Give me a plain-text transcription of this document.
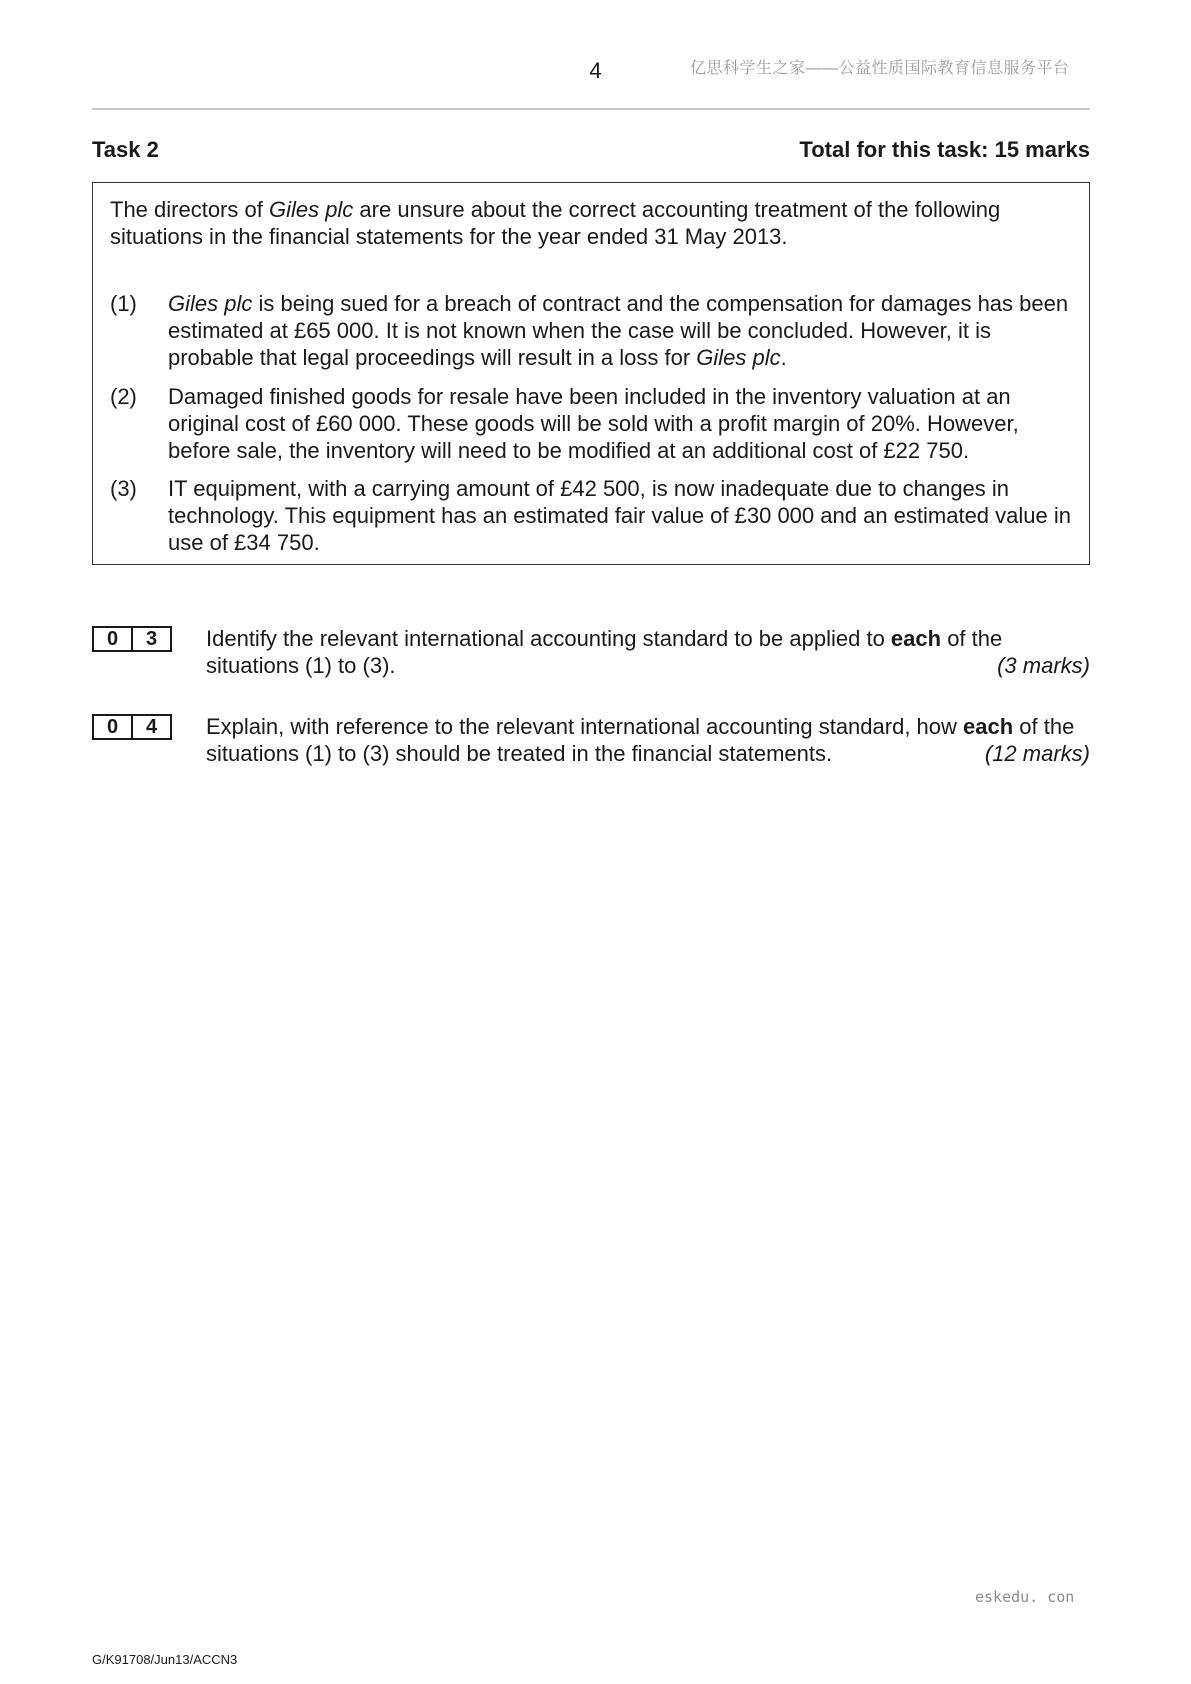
4	亿思科学生之家——公益性质国际教育信息服务平台
Task 2	Total for this task: 15 marks
The directors of Giles plc are unsure about the correct accounting treatment of the following situations in the financial statements for the year ended 31 May 2013.
(1) Giles plc is being sued for a breach of contract and the compensation for damages has been estimated at £65 000. It is not known when the case will be concluded. However, it is probable that legal proceedings will result in a loss for Giles plc.
(2) Damaged finished goods for resale have been included in the inventory valuation at an original cost of £60 000. These goods will be sold with a profit margin of 20%. However, before sale, the inventory will need to be modified at an additional cost of £22 750.
(3) IT equipment, with a carrying amount of £42 500, is now inadequate due to changes in technology. This equipment has an estimated fair value of £30 000 and an estimated value in use of £34 750.
0	3	Identify the relevant international accounting standard to be applied to each of the situations (1) to (3).	(3 marks)
0	4	Explain, with reference to the relevant international accounting standard, how each of the situations (1) to (3) should be treated in the financial statements.	(12 marks)
eskedu. con
G/K91708/Jun13/ACCN3
